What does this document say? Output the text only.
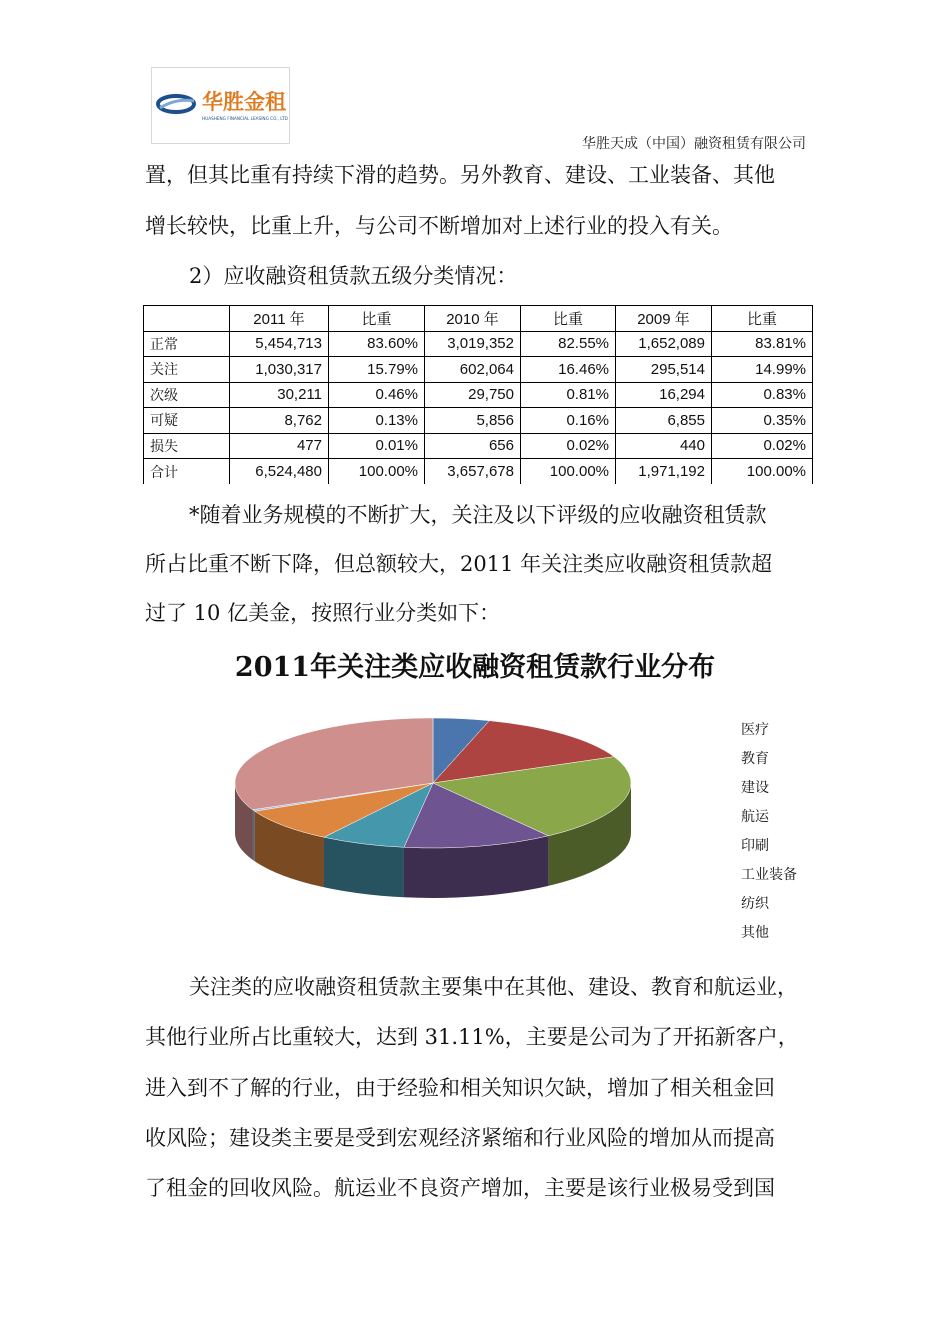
华胜金租
HUASHENG FINANCIAL LEASING CO., LTD
华胜天成（中国）融资租赁有限公司
置，但其比重有持续下滑的趋势。另外教育、建设、工业装备、其他
增长较快，比重上升，与公司不断增加对上述行业的投入有关。
2）应收融资租赁款五级分类情况：
	2011 年	比重	2010 年	比重	2009 年	比重
正常	5,454,713	83.60%	3,019,352	82.55%	1,652,089	83.81%
关注	1,030,317	15.79%	602,064	16.46%	295,514	14.99%
次级	30,211	0.46%	29,750	0.81%	16,294	0.83%
可疑	8,762	0.13%	5,856	0.16%	6,855	0.35%
损失	477	0.01%	656	0.02%	440	0.02%
合计	6,524,480	100.00%	3,657,678	100.00%	1,971,192	100.00%
*随着业务规模的不断扩大，关注及以下评级的应收融资租赁款
所占比重不断下降，但总额较大，2011 年关注类应收融资租赁款超
过了 10 亿美金，按照行业分类如下：
2011年关注类应收融资租赁款行业分布
医疗
教育
建设
航运
印刷
工业装备
纺织
其他
关注类的应收融资租赁款主要集中在其他、建设、教育和航运业，
其他行业所占比重较大，达到 31.11%，主要是公司为了开拓新客户，
进入到不了解的行业，由于经验和相关知识欠缺，增加了相关租金回
收风险；建设类主要是受到宏观经济紧缩和行业风险的增加从而提高
了租金的回收风险。航运业不良资产增加，主要是该行业极易受到国
